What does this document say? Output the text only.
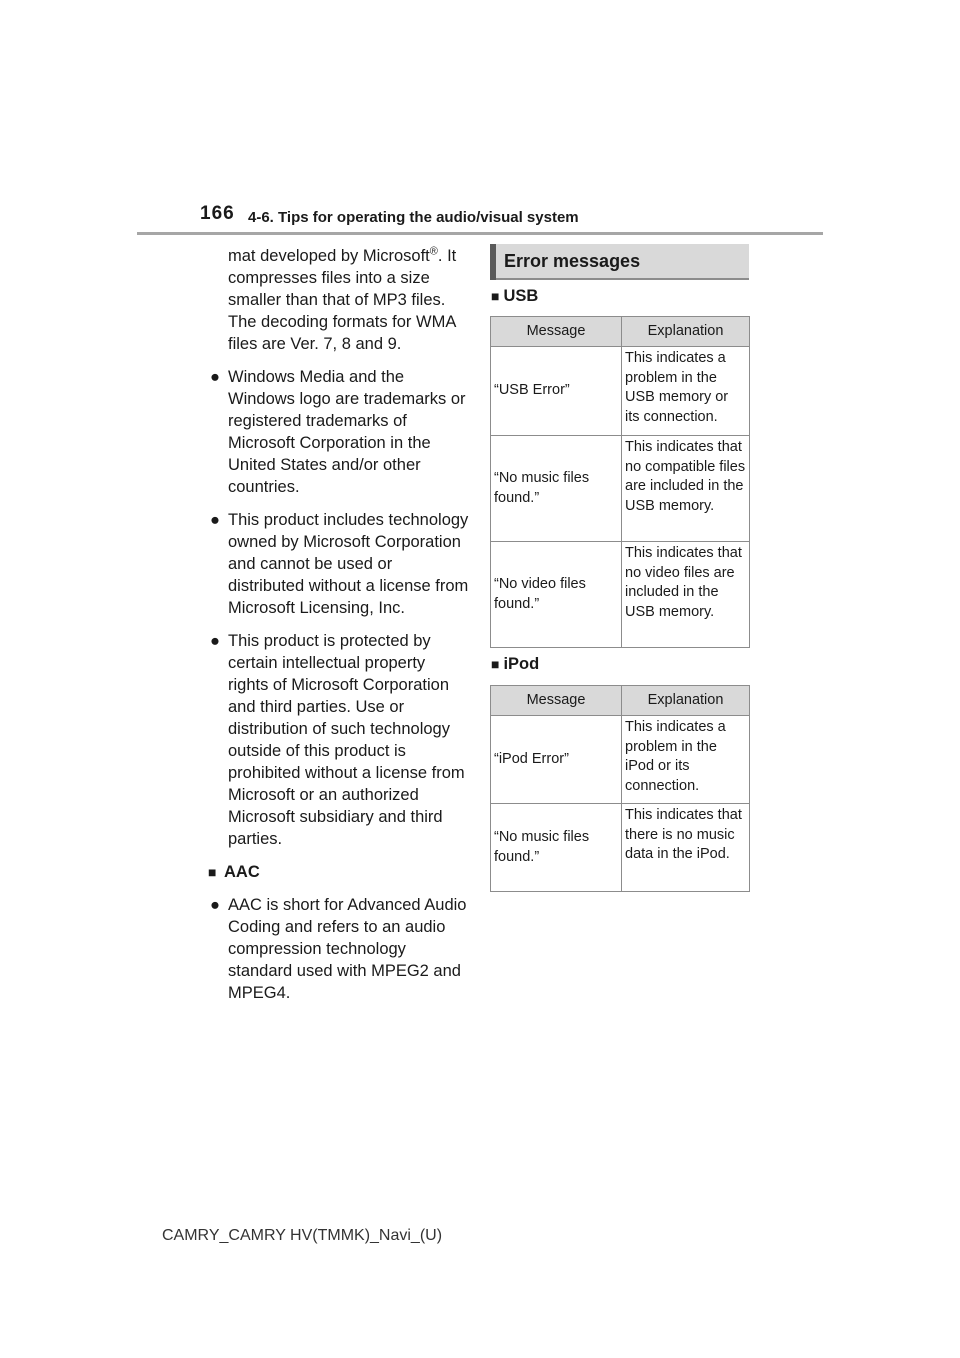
166 4-6. Tips for operating the audio/visual system

mat developed by Microsoft®. It compresses files into a size smaller than that of MP3 files. The decoding formats for WMA files are Ver. 7, 8 and 9.

● Windows Media and the Windows logo are trademarks or registered trademarks of Microsoft Corporation in the United States and/or other countries.

● This product includes technology owned by Microsoft Corporation and cannot be used or distributed without a license from Microsoft Licensing, Inc.

● This product is protected by certain intellectual property rights of Microsoft Corporation and third parties. Use or distribution of such technology outside of this product is prohibited without a license from Microsoft or an authorized Microsoft subsidiary and third parties.

■ AAC

● AAC is short for Advanced Audio Coding and refers to an audio compression technology standard used with MPEG2 and MPEG4.

Error messages
■ USB
Message	Explanation
“USB Error”	This indicates a problem in the USB memory or its connection.
“No music files found.”	This indicates that no compatible files are included in the USB memory.
“No video files found.”	This indicates that no video files are included in the USB memory.
■ iPod
Message	Explanation
“iPod Error”	This indicates a problem in the iPod or its connection.
“No music files found.”	This indicates that there is no music data in the iPod.
CAMRY_CAMRY HV(TMMK)_Navi_(U)
